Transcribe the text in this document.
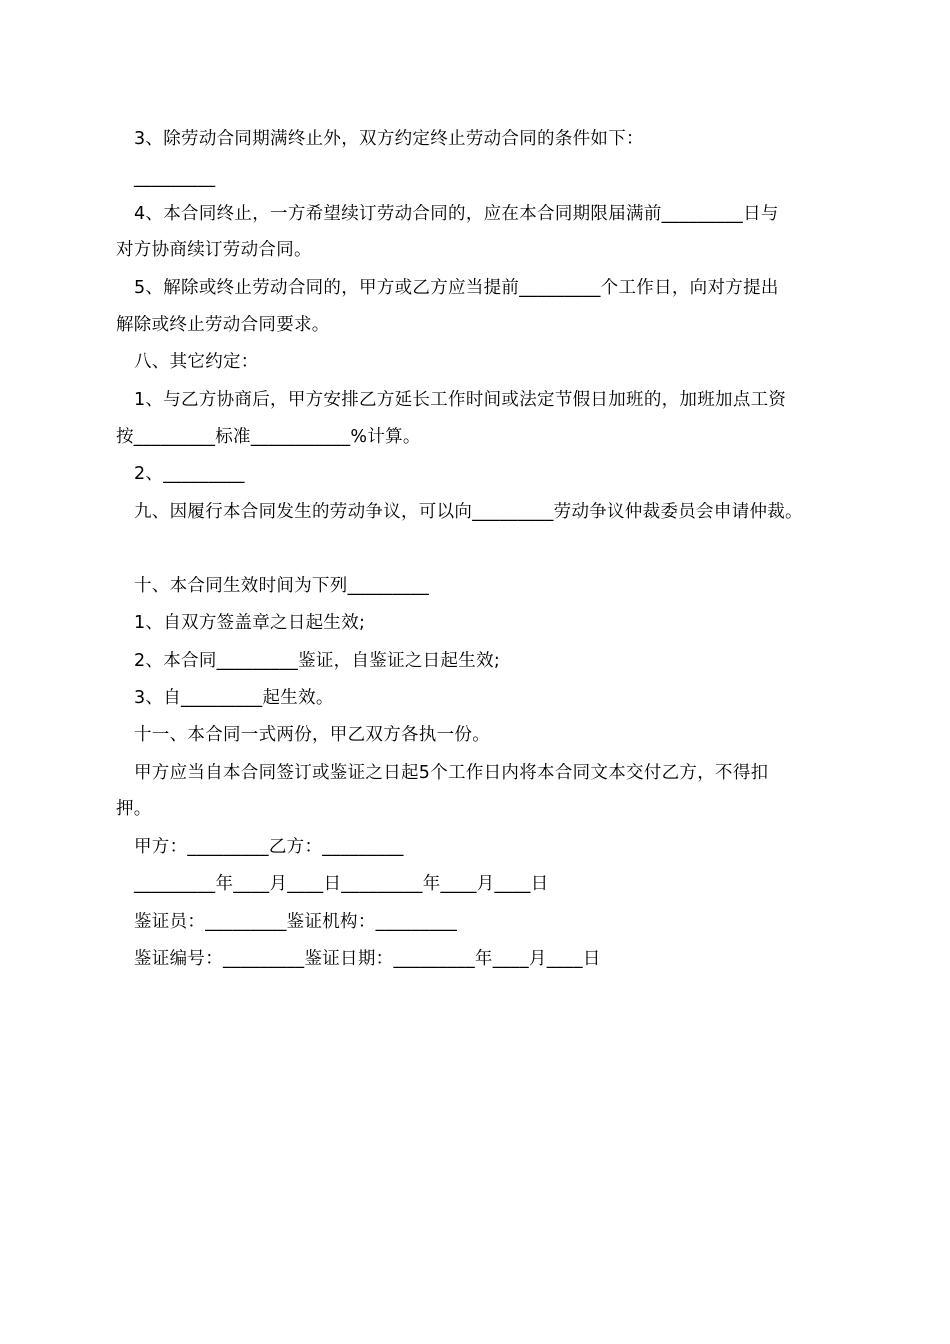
3、除劳动合同期满终止外，双方约定终止劳动合同的条件如下：
_________
4、本合同终止，一方希望续订劳动合同的，应在本合同期限届满前_________日与
对方协商续订劳动合同。
5、解除或终止劳动合同的，甲方或乙方应当提前_________个工作日，向对方提出
解除或终止劳动合同要求。
八、其它约定：
1、与乙方协商后，甲方安排乙方延长工作时间或法定节假日加班的，加班加点工资
按_________标准___________%计算。
2、_________
九、因履行本合同发生的劳动争议，可以向_________劳动争议仲裁委员会申请仲裁。
十、本合同生效时间为下列_________
1、自双方签盖章之日起生效;
2、本合同_________鉴证，自鉴证之日起生效;
3、自_________起生效。
十一、本合同一式两份，甲乙双方各执一份。
甲方应当自本合同签订或鉴证之日起5个工作日内将本合同文本交付乙方，不得扣
押。
甲方：_________乙方：_________
_________年____月____日_________年____月____日
鉴证员：_________鉴证机构：_________
鉴证编号：_________鉴证日期：_________年____月____日
